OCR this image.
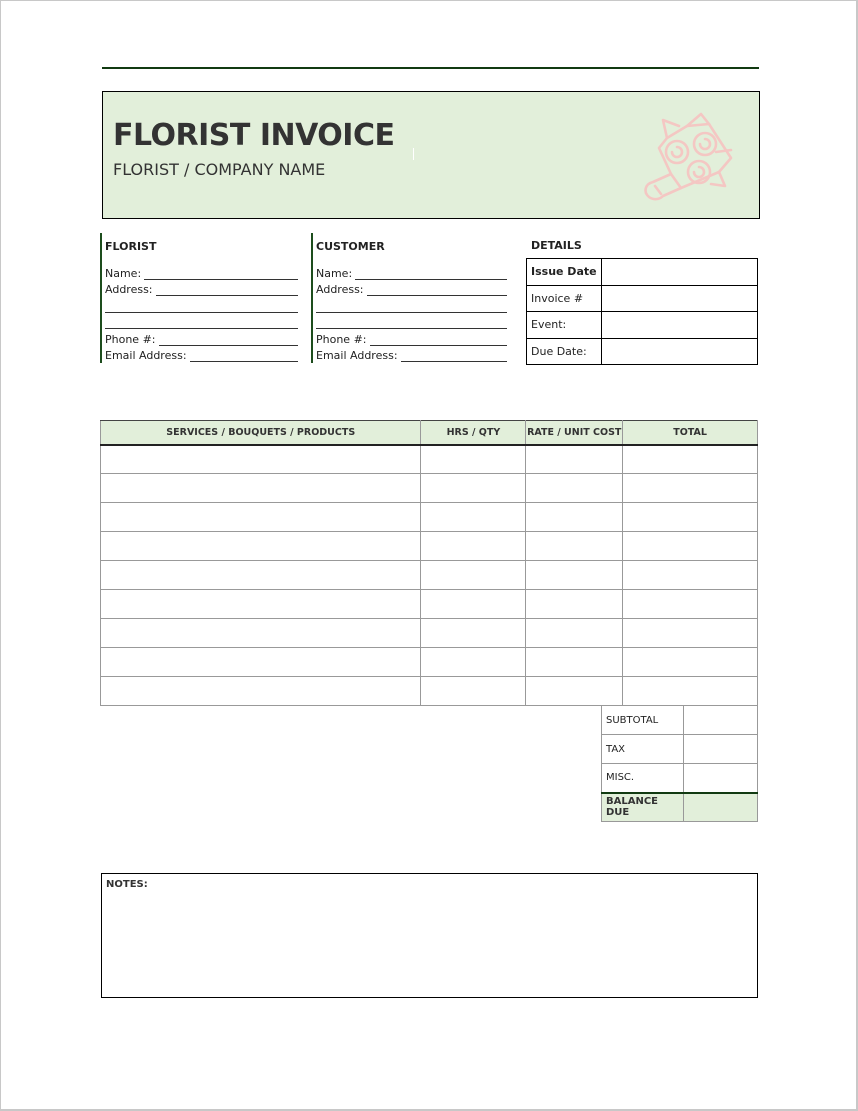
FLORIST INVOICE
FLORIST / COMPANY NAME
FLORIST
Name:
Address:
Phone #:
Email Address:
CUSTOMER
Name:
Address:
Phone #:
Email Address:
DETAILS
Issue Date	
Invoice #	
Event:	
Due Date:	
SERVICES / BOUQUETS / PRODUCTS	HRS / QTY	RATE / UNIT COST	TOTAL

SUBTOTAL	
TAX	
MISC.	
BALANCE DUE	
NOTES:
